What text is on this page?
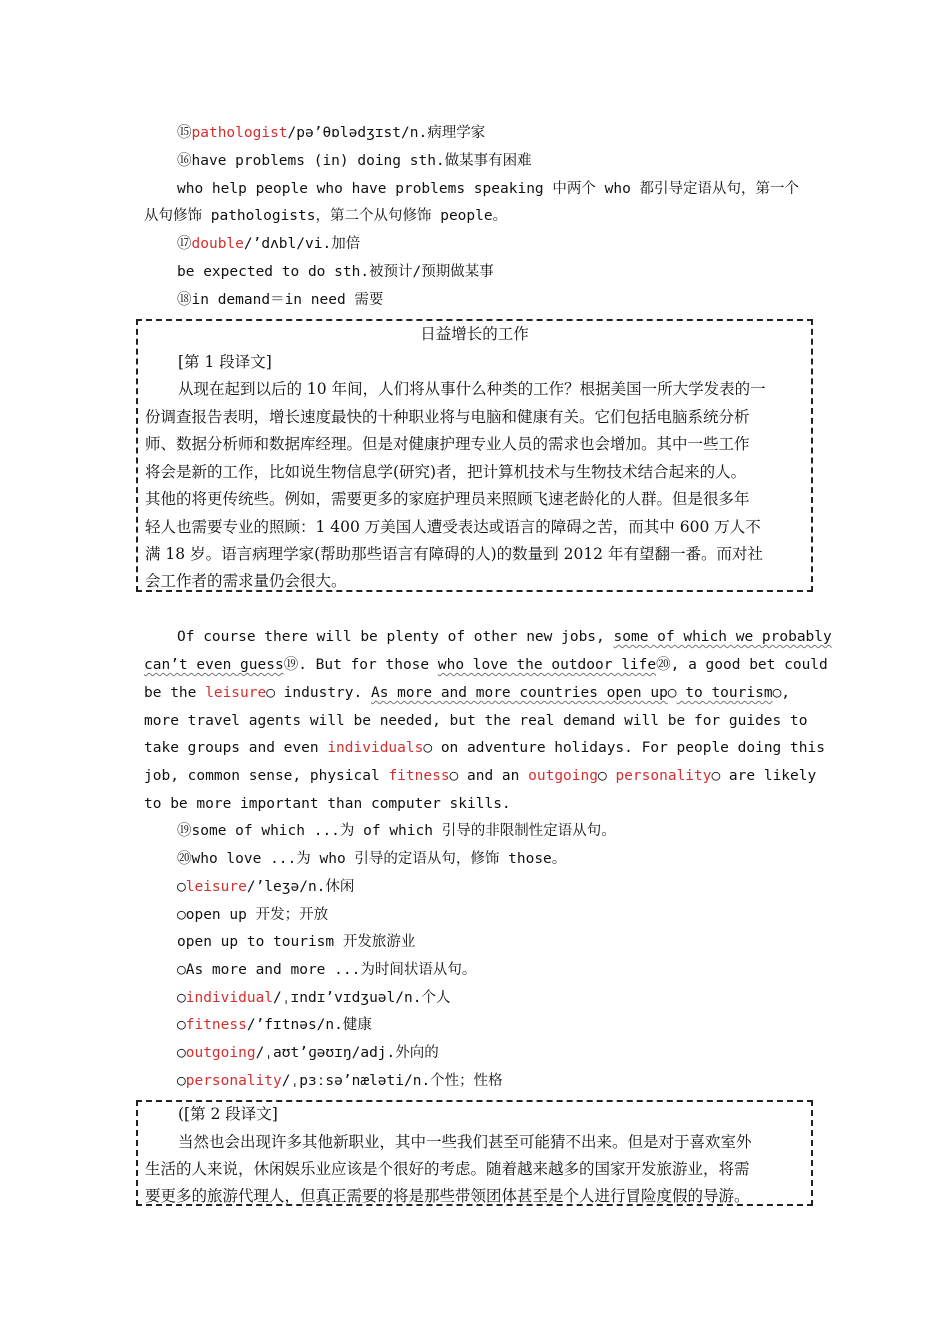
⑮pathologist/pə’θɒlədʒɪst/n.病理学家
⑯have problems (in) doing sth.做某事有困难
who help people who have problems speaking 中两个 who 都引导定语从句，第一个
从句修饰 pathologists，第二个从句修饰 people。
⑰double/’dʌbl/vi.加倍
be expected to do sth.被预计/预期做某事
⑱in demand＝in need 需要
日益增长的工作
[第 1 段译文]
从现在起到以后的 10 年间，人们将从事什么种类的工作？根据美国一所大学发表的一
份调查报告表明，增长速度最快的十种职业将与电脑和健康有关。它们包括电脑系统分析
师、数据分析师和数据库经理。但是对健康护理专业人员的需求也会增加。其中一些工作
将会是新的工作，比如说生物信息学(研究)者，把计算机技术与生物技术结合起来的人。
其他的将更传统些。例如，需要更多的家庭护理员来照顾飞速老龄化的人群。但是很多年
轻人也需要专业的照顾：1 400 万美国人遭受表达或语言的障碍之苦，而其中 600 万人不
满 18 岁。语言病理学家(帮助那些语言有障碍的人)的数量到 2012 年有望翻一番。而对社
会工作者的需求量仍会很大。
Of course there will be plenty of other new jobs, some of which we probably
can’t even guess⑲. But for those who love the outdoor life⑳, a good bet could
be the leisure○ industry. As more and more countries open up○ to tourism○,
more travel agents will be needed, but the real demand will be for guides to
take groups and even individuals○ on adventure holidays. For people doing this
job, common sense, physical fitness○ and an outgoing○ personality○ are likely
to be more important than computer skills.
⑲some of which ...为 of which 引导的非限制性定语从句。
⑳who love ...为 who 引导的定语从句，修饰 those。
○leisure/’leʒə/n.休闲
○open up 开发；开放
open up to tourism 开发旅游业
○As more and more ...为时间状语从句。
○individual/ˌɪndɪ’vɪdʒuəl/n.个人
○fitness/’fɪtnəs/n.健康
○outgoing/ˌaʊt’ɡəʊɪŋ/adj.外向的
○personality/ˌpɜːsə’næləti/n.个性；性格
([第 2 段译文]
当然也会出现许多其他新职业，其中一些我们甚至可能猜不出来。但是对于喜欢室外
生活的人来说，休闲娱乐业应该是个很好的考虑。随着越来越多的国家开发旅游业，将需
要更多的旅游代理人，但真正需要的将是那些带领团体甚至是个人进行冒险度假的导游。
